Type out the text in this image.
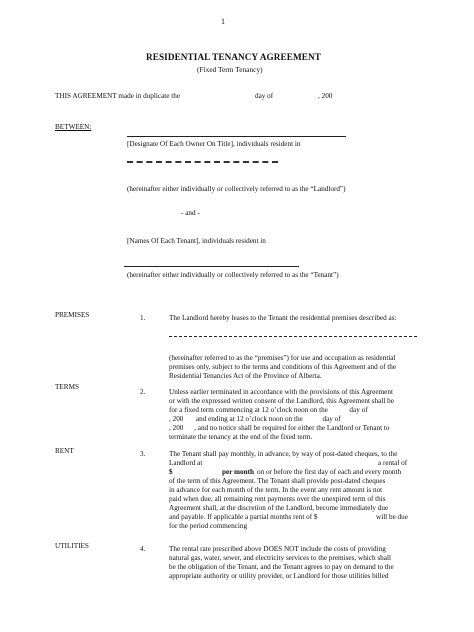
1
RESIDENTIAL TENANCY AGREEMENT
(Fixed Term Tenancy)
THIS AGREEMENT made in duplicate the	day of	, 200
BETWEEN:
[Designate Of Each Owner On Title], individuals resident in
(hereinafter either individually or collectively referred to as the “Landlord”)
- and -
[Names Of Each Tenant], individuals resident in
(hereinafter either individually or collectively referred to as the “Tenant”)
PREMISES	1.	The Landlord hereby leases to the Tenant the residential premises described as:
(hereinafter referred to as the “premises”) for use and occupation as residential
premises only, subject to the terms and conditions of this Agreement and of the
Residential Tenancies Act of the Province of Alberta.
TERMS
2.	Unless earlier terminated in accordance with the provisions of this Agreement
or with the expressed written consent of the Landlord, this Agreement shall be
for a fixed term commencing at 12 o’clock noon on the            day of
, 200       and ending at 12 o’clock noon on the           day of
, 200      , and no notice shall be required for either the Landlord or Tenant to
terminate the tenancy at the end of the fixed term.
RENT	3.	The Tenant shall pay monthly, in advance, by way of post-dated cheques, to the
Landlord at	a rental of
$	per month on or before the first day of each and every month
of the term of this Agreement. The Tenant shall provide post-dated cheques
in advance for each month of the term. In the event any rent amount is not
paid when due, all remaining rent payments over the unexpired term of this
Agreement shall, at the discretion of the Landlord, become immediately due
and payable. If applicable a partial months rent of $	will be due
for the period commencing
UTILITIES	4.	The rental rate prescribed above DOES NOT include the costs of providing
natural gas, water, sewer, and electricity services to the premises, which shall
be the obligation of the Tenant, and the Tenant agrees to pay on demand to the
appropriate authority or utility provider, or Landlord for those utilities billed
